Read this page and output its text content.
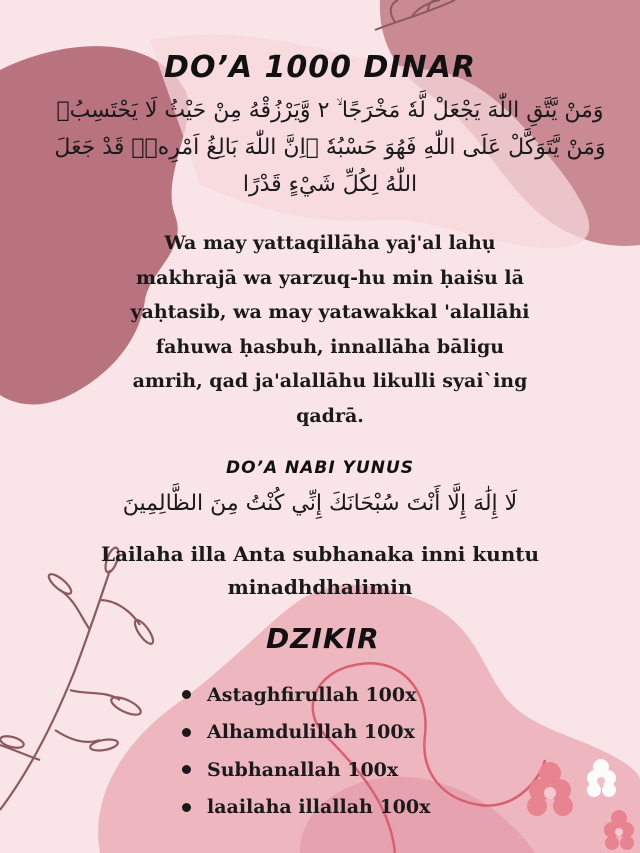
DO’A 1000 DINAR
وَمَنْ يَّتَّقِ اللّٰهَ يَجْعَلْ لَّهٗ مَخْرَجًا ۙ ٢ وَّيَرْزُقْهُ مِنْ حَيْثُ لَا يَحْتَسِبُۗ وَمَنْ يَّتَوَكَّلْ عَلَى اللّٰهِ فَهُوَ حَسْبُهٗ ۗاِنَّ اللّٰهَ بَالِغُ اَمْرِهٖۗ قَدْ جَعَلَ اللّٰهُ لِكُلِّ شَيْءٍ قَدْرًا
Wa may yattaqillāha yaj'al lahụ makhrajā wa yarzuq-hu min ḥaiṡu lā yaḥtasib, wa may yatawakkal 'alallāhi fahuwa ḥasbuh, innallāha bāligu amrih, qad ja'alallāhu likulli syai`ing qadrā.
DO’A NABI YUNUS
لَا إِلَٰهَ إِلَّا أَنْتَ سُبْحَانَكَ إِنِّي كُنْتُ مِنَ الظَّالِمِينَ
Lailaha illa Anta subhanaka inni kuntu minadhdhalimin
DZIKIR
Astaghfirullah 100x
Alhamdulillah 100x
Subhanallah 100x
laailaha illallah 100x
